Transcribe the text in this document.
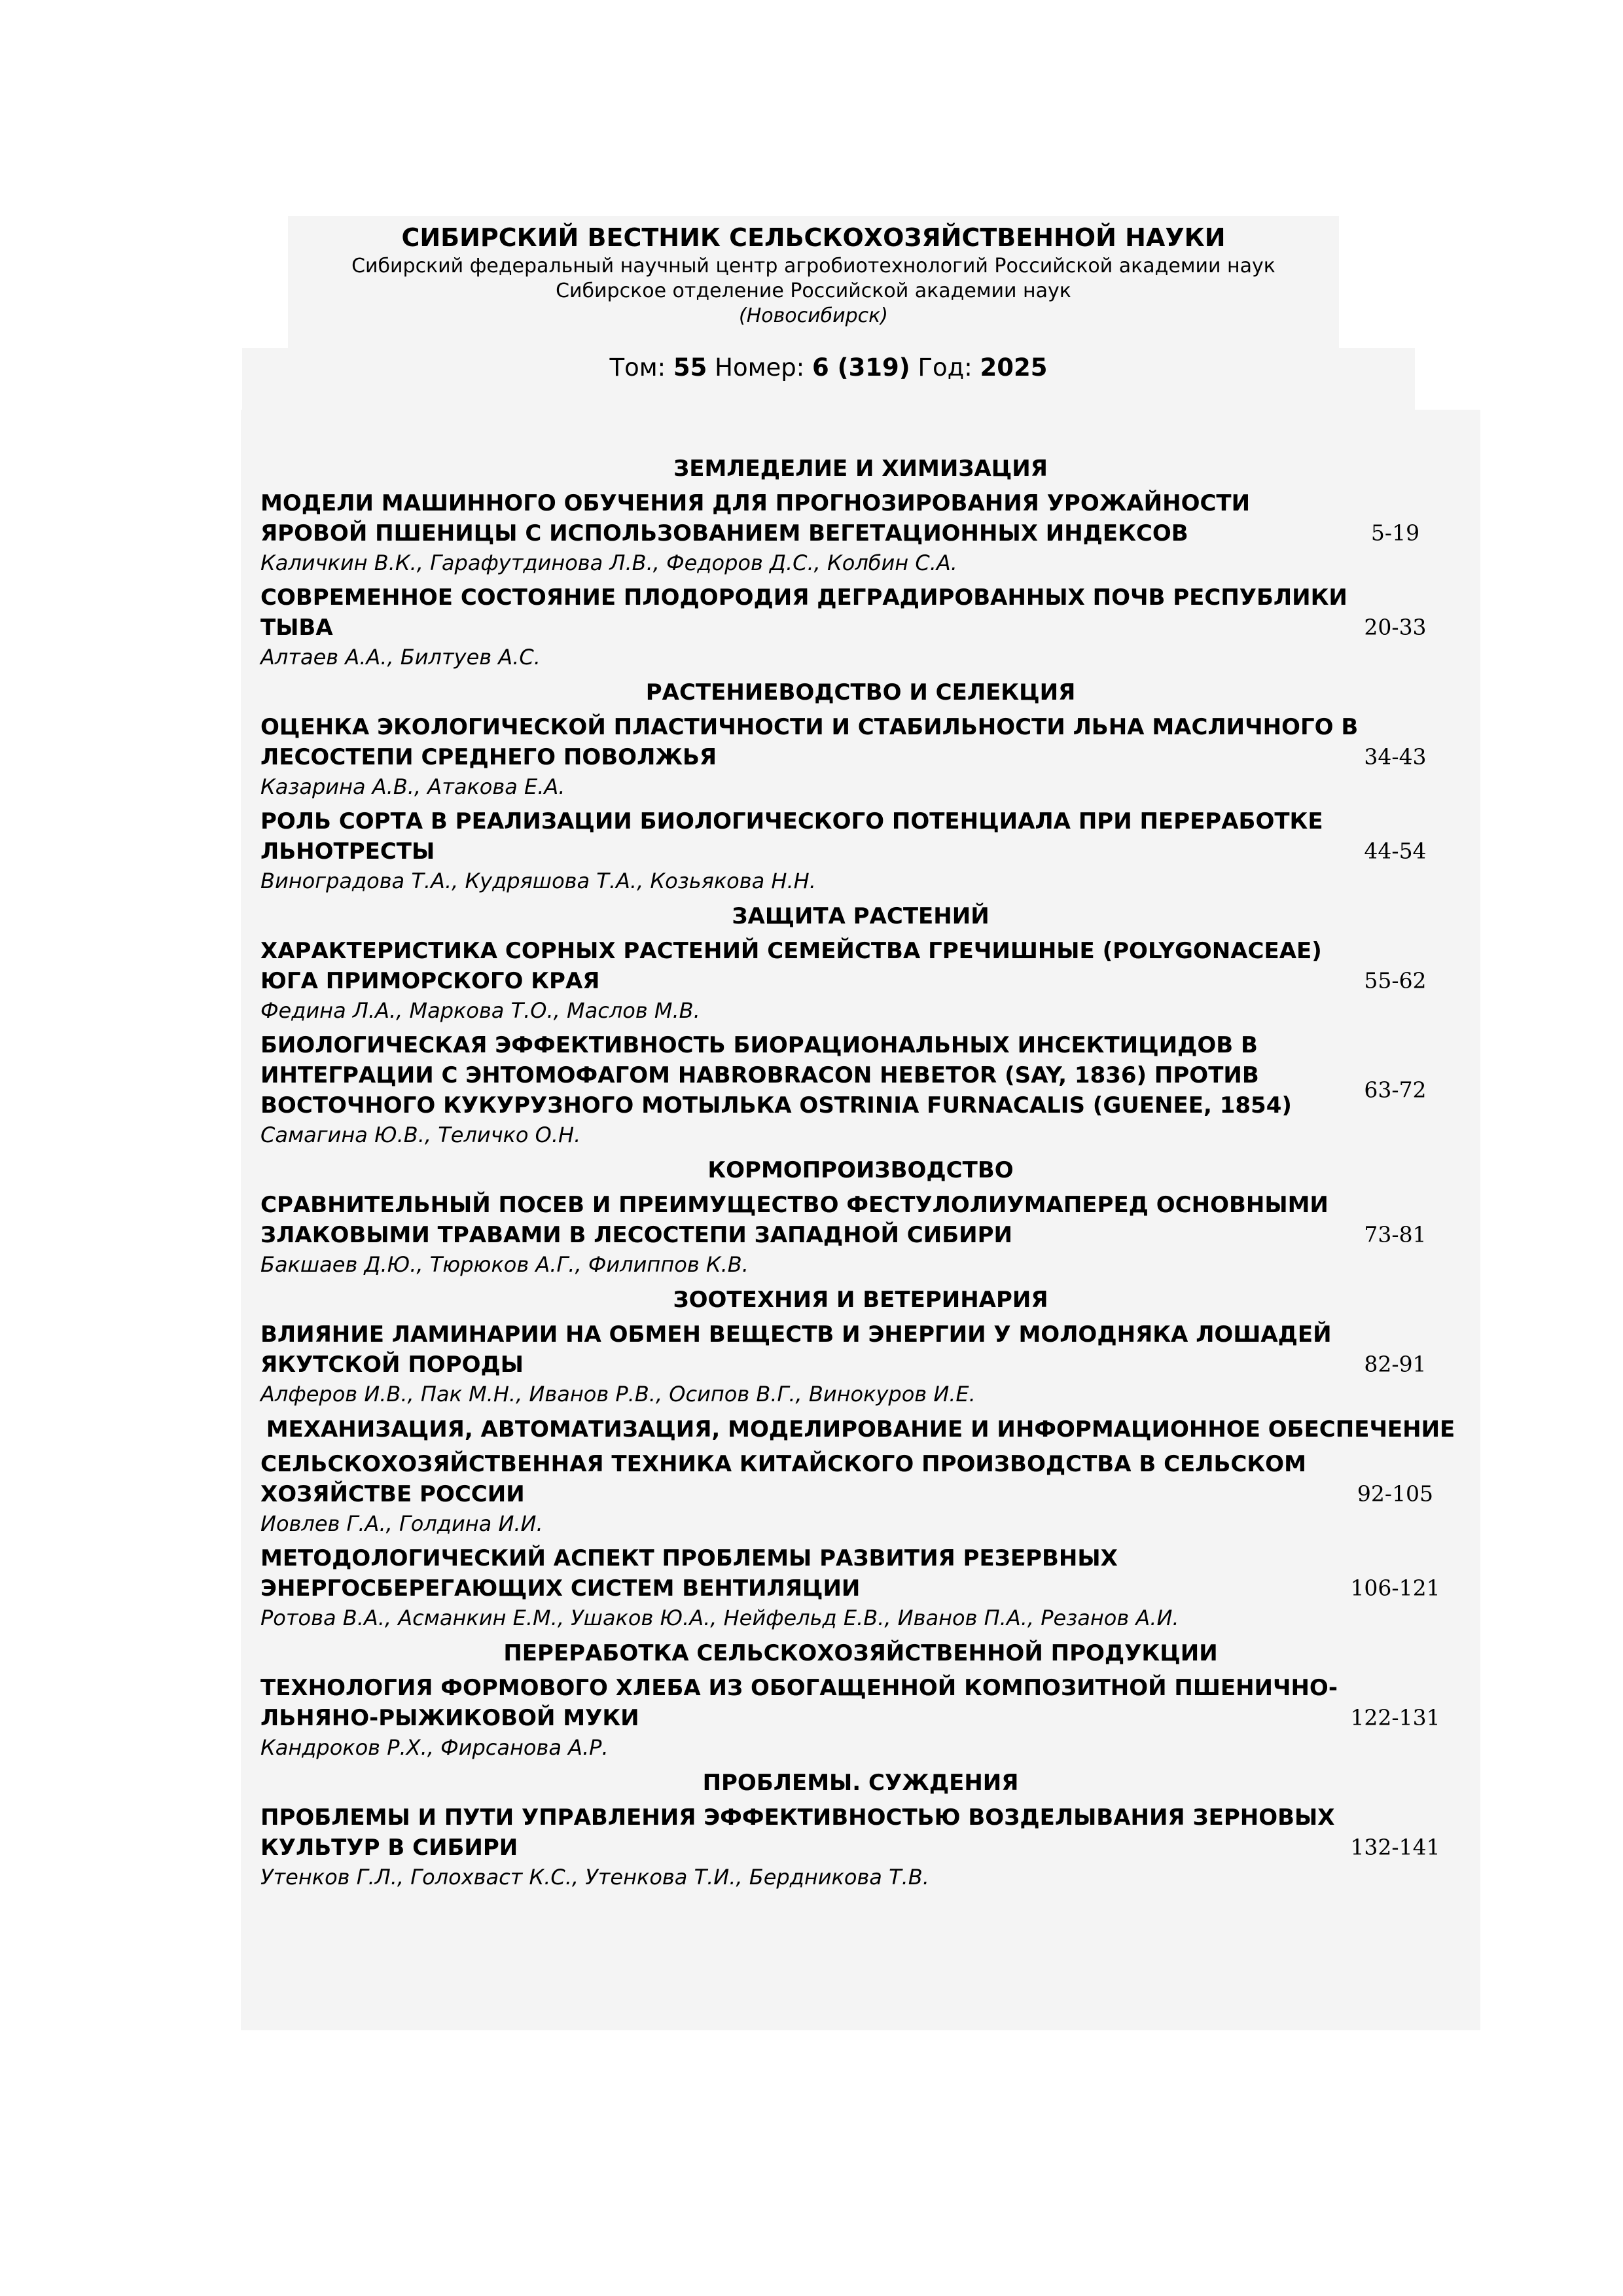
СИБИРСКИЙ ВЕСТНИК СЕЛЬСКОХОЗЯЙСТВЕННОЙ НАУКИ
Сибирский федеральный научный центр агробиотехнологий Российской академии наук
Сибирское отделение Российской академии наук
(Новосибирск)
Том: 55 Номер: 6 (319) Год: 2025
ЗЕМЛЕДЕЛИЕ И ХИМИЗАЦИЯ
МОДЕЛИ МАШИННОГО ОБУЧЕНИЯ ДЛЯ ПРОГНОЗИРОВАНИЯ УРОЖАЙНОСТИ ЯРОВОЙ ПШЕНИЦЫ С ИСПОЛЬЗОВАНИЕМ ВЕГЕТАЦИОННЫХ ИНДЕКСОВ
Каличкин В.К., Гарафутдинова Л.В., Федоров Д.С., Колбин С.А.
5-19
СОВРЕМЕННОЕ СОСТОЯНИЕ ПЛОДОРОДИЯ ДЕГРАДИРОВАННЫХ ПОЧВ РЕСПУБЛИКИ ТЫВА
Алтаев А.А., Билтуев А.С.
20-33
РАСТЕНИЕВОДСТВО И СЕЛЕКЦИЯ
ОЦЕНКА ЭКОЛОГИЧЕСКОЙ ПЛАСТИЧНОСТИ И СТАБИЛЬНОСТИ ЛЬНА МАСЛИЧНОГО В ЛЕСОСТЕПИ СРЕДНЕГО ПОВОЛЖЬЯ
Казарина А.В., Атакова Е.А.
34-43
РОЛЬ СОРТА В РЕАЛИЗАЦИИ БИОЛОГИЧЕСКОГО ПОТЕНЦИАЛА ПРИ ПЕРЕРАБОТКЕ ЛЬНОТРЕСТЫ
Виноградова Т.А., Кудряшова Т.А., Козьякова Н.Н.
44-54
ЗАЩИТА РАСТЕНИЙ
ХАРАКТЕРИСТИКА СОРНЫХ РАСТЕНИЙ СЕМЕЙСТВА ГРЕЧИШНЫЕ (POLYGONACEAE) ЮГА ПРИМОРСКОГО КРАЯ
Федина Л.А., Маркова Т.О., Маслов М.В.
55-62
БИОЛОГИЧЕСКАЯ ЭФФЕКТИВНОСТЬ БИОРАЦИОНАЛЬНЫХ ИНСЕКТИЦИДОВ В ИНТЕГРАЦИИ С ЭНТОМОФАГОМ HABROBRACON HEBETOR (SAY, 1836) ПРОТИВ ВОСТОЧНОГО КУКУРУЗНОГО МОТЫЛЬКА OSTRINIA FURNACALIS (GUENEE, 1854)
Самагина Ю.В., Теличко О.Н.
63-72
КОРМОПРОИЗВОДСТВО
СРАВНИТЕЛЬНЫЙ ПОСЕВ И ПРЕИМУЩЕСТВО ФЕСТУЛОЛИУМАПЕРЕД ОСНОВНЫМИ ЗЛАКОВЫМИ ТРАВАМИ В ЛЕСОСТЕПИ ЗАПАДНОЙ СИБИРИ
Бакшаев Д.Ю., Тюрюков А.Г., Филиппов К.В.
73-81
ЗООТЕХНИЯ И ВЕТЕРИНАРИЯ
ВЛИЯНИЕ ЛАМИНАРИИ НА ОБМЕН ВЕЩЕСТВ И ЭНЕРГИИ У МОЛОДНЯКА ЛОШАДЕЙ ЯКУТСКОЙ ПОРОДЫ
Алферов И.В., Пак М.Н., Иванов Р.В., Осипов В.Г., Винокуров И.Е.
82-91
МЕХАНИЗАЦИЯ, АВТОМАТИЗАЦИЯ, МОДЕЛИРОВАНИЕ И ИНФОРМАЦИОННОЕ ОБЕСПЕЧЕНИЕ
СЕЛЬСКОХОЗЯЙСТВЕННАЯ ТЕХНИКА КИТАЙСКОГО ПРОИЗВОДСТВА В СЕЛЬСКОМ ХОЗЯЙСТВЕ РОССИИ
Иовлев Г.А., Голдина И.И.
92-105
МЕТОДОЛОГИЧЕСКИЙ АСПЕКТ ПРОБЛЕМЫ РАЗВИТИЯ РЕЗЕРВНЫХ ЭНЕРГОСБЕРЕГАЮЩИХ СИСТЕМ ВЕНТИЛЯЦИИ
Ротова В.А., Асманкин Е.М., Ушаков Ю.А., Нейфельд Е.В., Иванов П.А., Резанов А.И.
106-121
ПЕРЕРАБОТКА СЕЛЬСКОХОЗЯЙСТВЕННОЙ ПРОДУКЦИИ
ТЕХНОЛОГИЯ ФОРМОВОГО ХЛЕБА ИЗ ОБОГАЩЕННОЙ КОМПОЗИТНОЙ ПШЕНИЧНО-ЛЬНЯНО-РЫЖИКОВОЙ МУКИ
Кандроков Р.Х., Фирсанова А.Р.
122-131
ПРОБЛЕМЫ. СУЖДЕНИЯ
ПРОБЛЕМЫ И ПУТИ УПРАВЛЕНИЯ ЭФФЕКТИВНОСТЬЮ ВОЗДЕЛЫВАНИЯ ЗЕРНОВЫХ КУЛЬТУР В СИБИРИ
Утенков Г.Л., Голохваст К.С., Утенкова Т.И., Бердникова Т.В.
132-141
